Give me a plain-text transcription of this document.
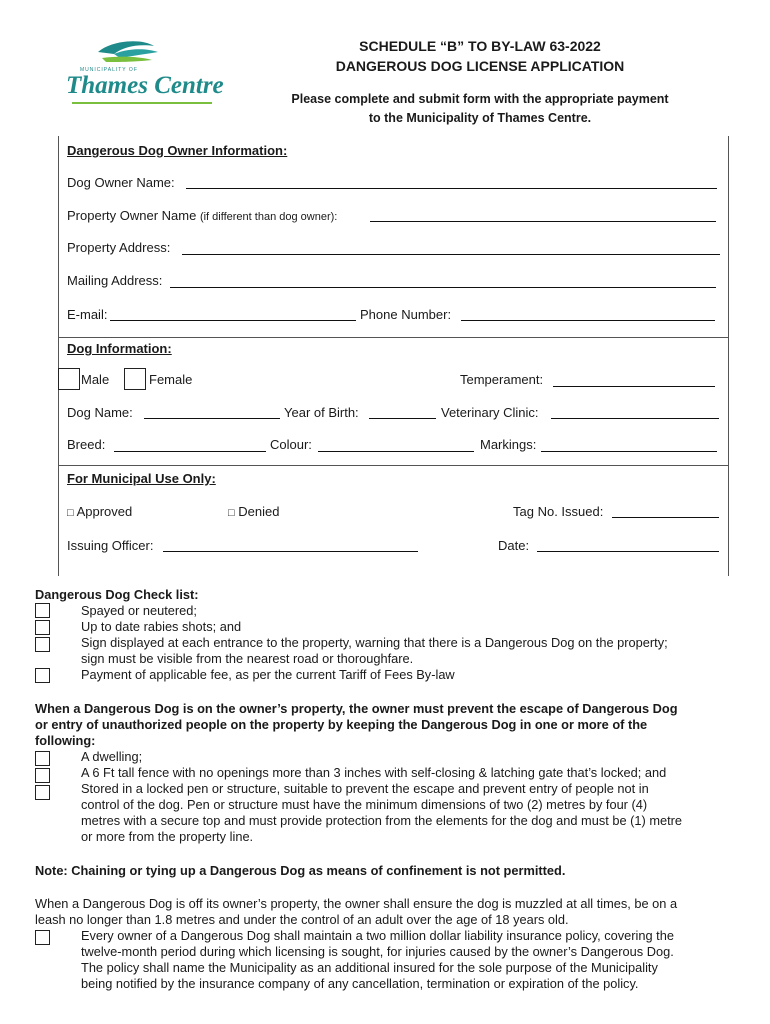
MUNICIPALITY OF
Thames Centre
SCHEDULE “B” TO BY-LAW 63-2022
DANGEROUS DOG LICENSE APPLICATION
Please complete and submit form with the appropriate payment
to the Municipality of Thames Centre.
Dangerous Dog Owner Information:
Dog Owner Name:
Property Owner Name (if different than dog owner):
Property Address:
Mailing Address:
E-mail:	Phone Number:
Dog Information:
Male	Female	Temperament:
Dog Name:	Year of Birth:	Veterinary Clinic:
Breed:	Colour:	Markings:
For Municipal Use Only:
□ Approved	□ Denied	Tag No. Issued:
Issuing Officer:	Date:
Dangerous Dog Check list:
Spayed or neutered;
Up to date rabies shots; and
Sign displayed at each entrance to the property, warning that there is a Dangerous Dog on the property;
sign must be visible from the nearest road or thoroughfare.
Payment of applicable fee, as per the current Tariff of Fees By-law
When a Dangerous Dog is on the owner’s property, the owner must prevent the escape of Dangerous Dog
or entry of unauthorized people on the property by keeping the Dangerous Dog in one or more of the
following:
A dwelling;
A 6 Ft tall fence with no openings more than 3 inches with self-closing & latching gate that’s locked; and
Stored in a locked pen or structure, suitable to prevent the escape and prevent entry of people not in
control of the dog. Pen or structure must have the minimum dimensions of two (2) metres by four (4)
metres with a secure top and must provide protection from the elements for the dog and must be (1) metre
or more from the property line.
Note: Chaining or tying up a Dangerous Dog as means of confinement is not permitted.
When a Dangerous Dog is off its owner’s property, the owner shall ensure the dog is muzzled at all times, be on a
leash no longer than 1.8 metres and under the control of an adult over the age of 18 years old.
Every owner of a Dangerous Dog shall maintain a two million dollar liability insurance policy, covering the
twelve-month period during which licensing is sought, for injuries caused by the owner’s Dangerous Dog.
The policy shall name the Municipality as an additional insured for the sole purpose of the Municipality
being notified by the insurance company of any cancellation, termination or expiration of the policy.
